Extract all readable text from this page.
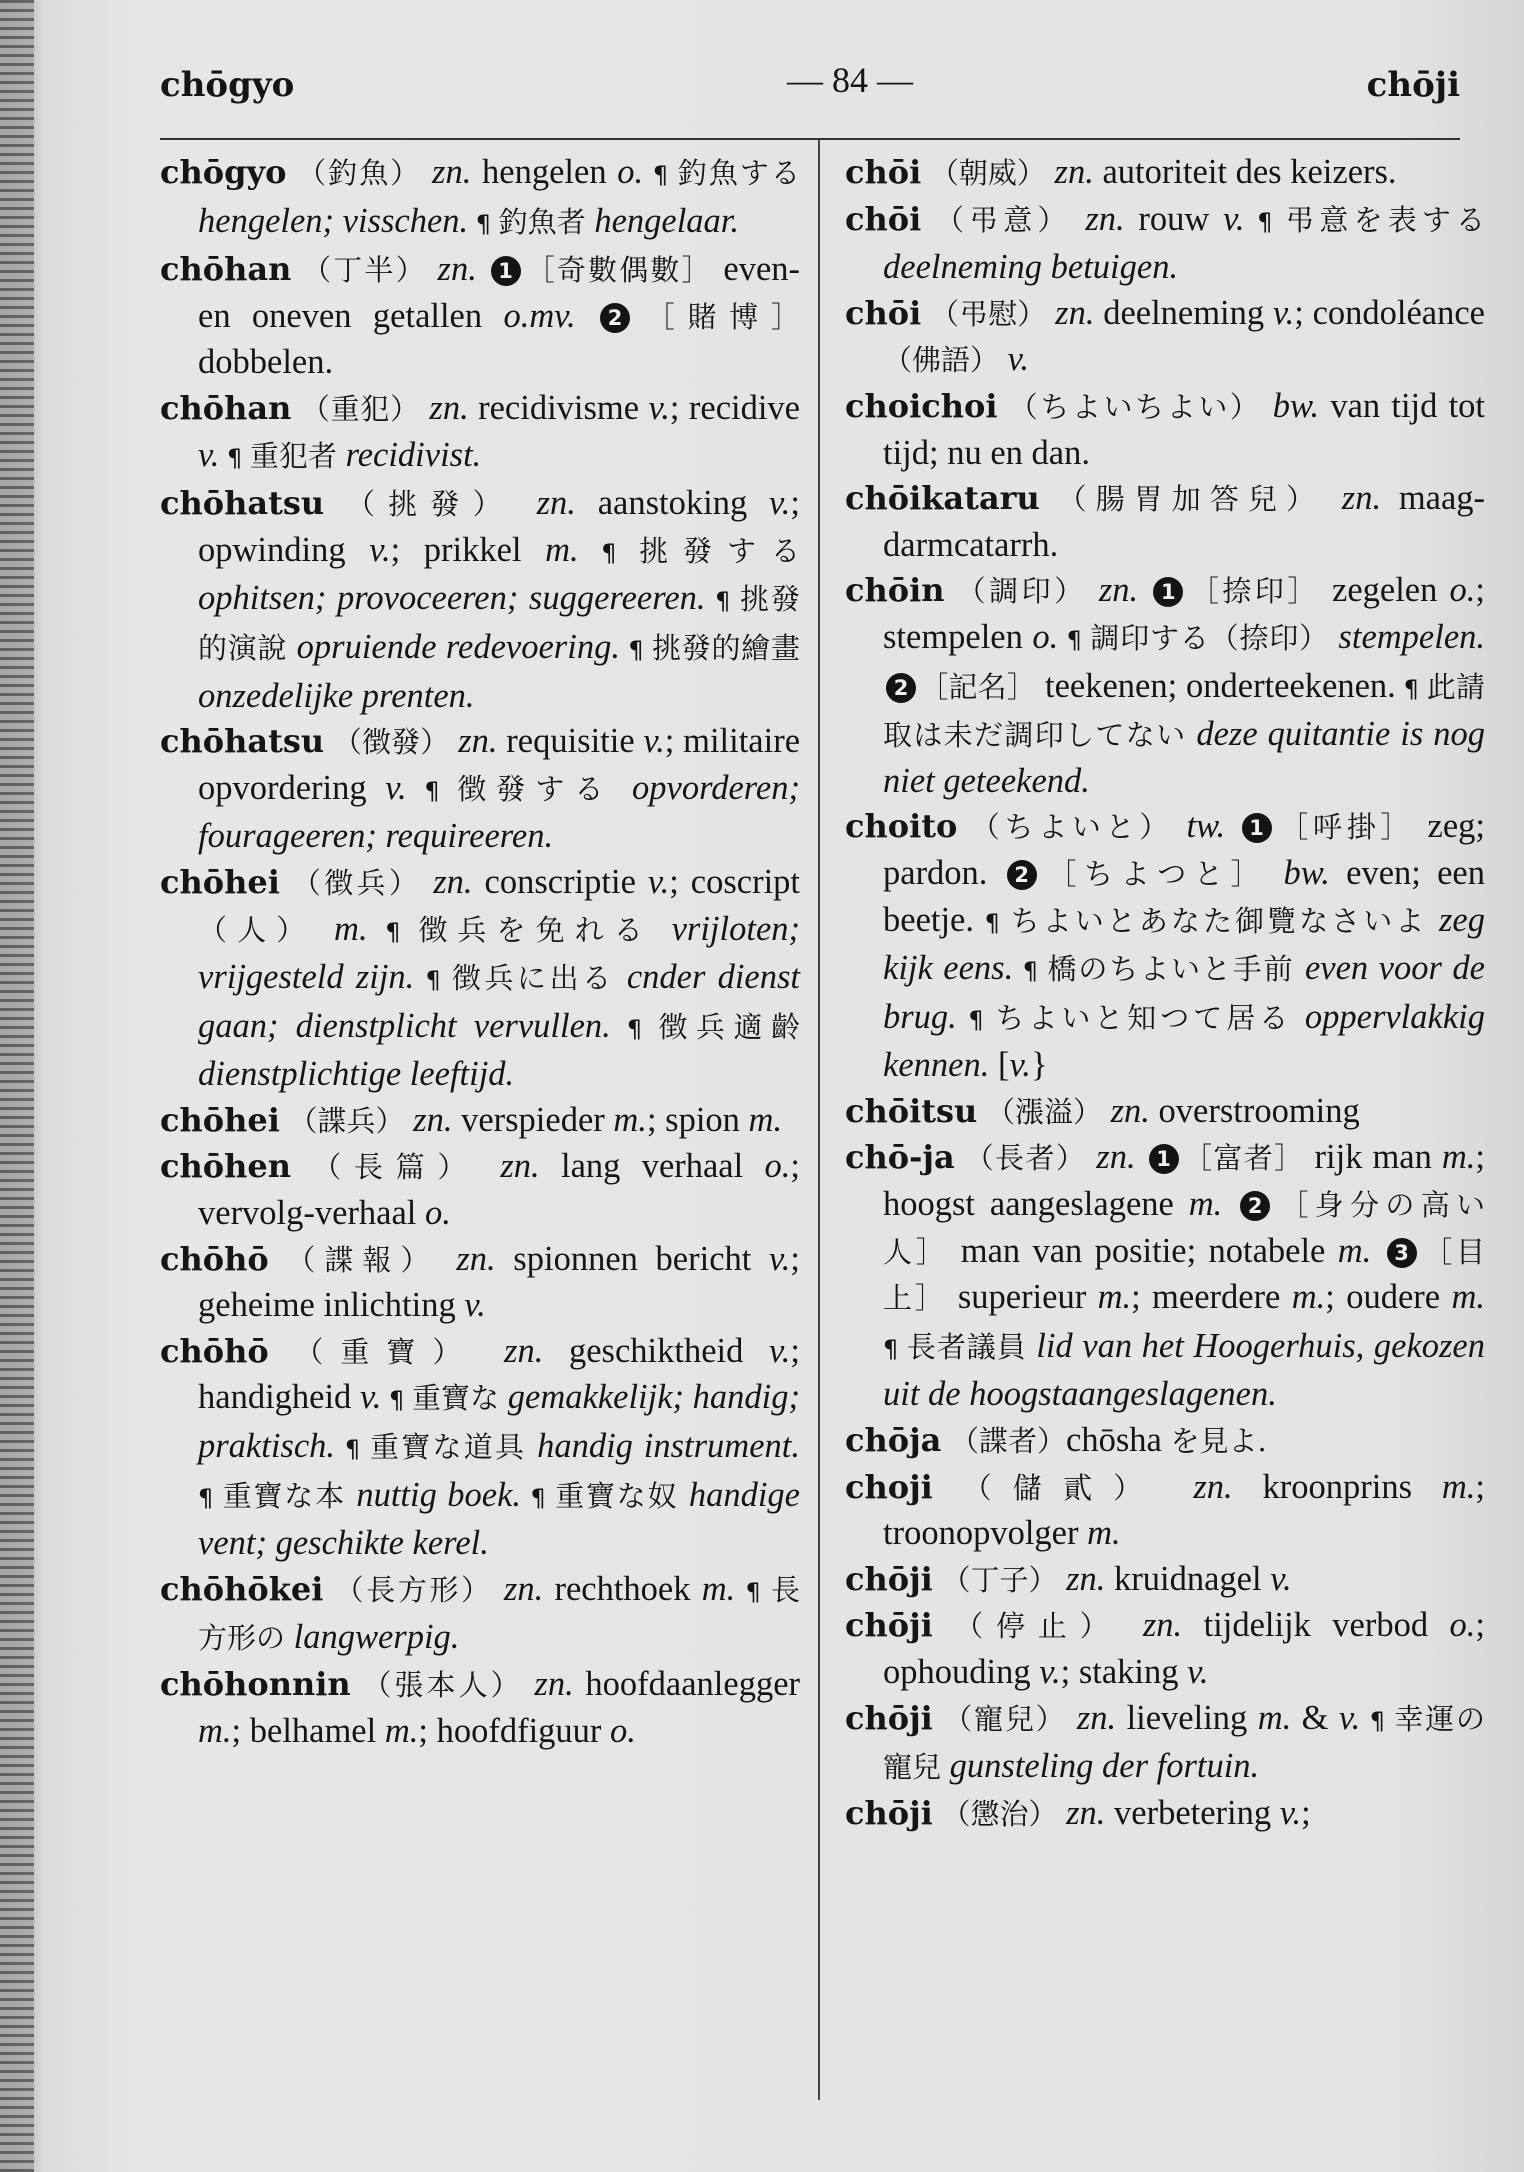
chōgyo	— 84 —	chōji
chōgyo （釣魚） zn. hengelen o. ¶ 釣魚する hengelen; visschen. ¶ 釣魚者 hengelaar.
chōhan （丁半） zn. 1 ［奇數偶數］ even-en oneven getallen o.mv. 2 ［賭博］ dobbelen.
chōhan （重犯） zn. recidivisme v.; recidive v. ¶ 重犯者 recidivist.
chōhatsu （挑發） zn. aanstoking v.; opwinding v.; prikkel m. ¶ 挑發する ophitsen; provoceeren; suggereeren. ¶ 挑發的演說 opruiende redevoering. ¶ 挑發的繪畫 onzedelijke prenten.
chōhatsu （徴發） zn. requisitie v.; militaire opvordering v. ¶ 徴發する opvorderen; fourageeren; requireeren.
chōhei （徴兵） zn. conscriptie v.; coscript （人） m. ¶ 徴兵を免れる vrijloten; vrijgesteld zijn. ¶ 徴兵に出る cnder dienst gaan; dienstplicht vervullen. ¶ 徴兵適齡 dienstplichtige leeftijd.
chōhei （諜兵） zn. verspieder m.; spion m.
chōhen （長篇） zn. lang verhaal o.; vervolg-verhaal o.
chōhō （諜報） zn. spionnen bericht v.; geheime inlichting v.
chōhō （重寶） zn. geschiktheid v.; handigheid v. ¶ 重寶な gemakkelijk; handig; praktisch. ¶ 重寶な道具 handig instrument. ¶ 重寶な本 nuttig boek. ¶ 重寶な奴 handige vent; geschikte kerel.
chōhōkei （長方形） zn. rechthoek m. ¶ 長方形の langwerpig.
chōhonnin （張本人） zn. hoofdaanlegger m.; belhamel m.; hoofdfiguur o.
chōi （朝威） zn. autoriteit des keizers.
chōi （弔意） zn. rouw v. ¶ 弔意を表する deelneming betuigen.
chōi （弔慰） zn. deelneming v.; condoléance （佛語） v.
choichoi （ちよいちよい） bw. van tijd tot tijd; nu en dan.
chōikataru （腸胃加答兒） zn. maag-darmcatarrh.
chōin （調印） zn. 1 ［捺印］ zegelen o.; stempelen o. ¶ 調印する（捺印） stempelen. 2 ［記名］ teekenen; onderteekenen. ¶ 此請取は未だ調印してない deze quitantie is nog niet geteekend.
choito （ちよいと） tw. 1 ［呼掛］ zeg; pardon. 2 ［ちよつと］ bw. even; een beetje. ¶ ちよいとあなた御覽なさいよ zeg kijk eens. ¶ 橋のちよいと手前 even voor de brug. ¶ ちよいと知つて居る oppervlakkig kennen. [v.}
chōitsu （漲溢） zn. overstrooming
chō-ja （長者） zn. 1 ［富者］ rijk man m.; hoogst aangeslagene m. 2 ［身分の高い人］ man van positie; notabele m. 3 ［目上］ superieur m.; meerdere m.; oudere m. ¶ 長者議員 lid van het Hoogerhuis, gekozen uit de hoogstaangeslagenen.
chōja （諜者）chōsha を見よ.
choji （儲貳） zn. kroonprins m.; troonopvolger m.
chōji （丁子） zn. kruidnagel v.
chōji （停止） zn. tijdelijk verbod o.; ophouding v.; staking v.
chōji （寵兒） zn. lieveling m. & v. ¶ 幸運の寵兒 gunsteling der fortuin.
chōji （懲治） zn. verbetering v.;
